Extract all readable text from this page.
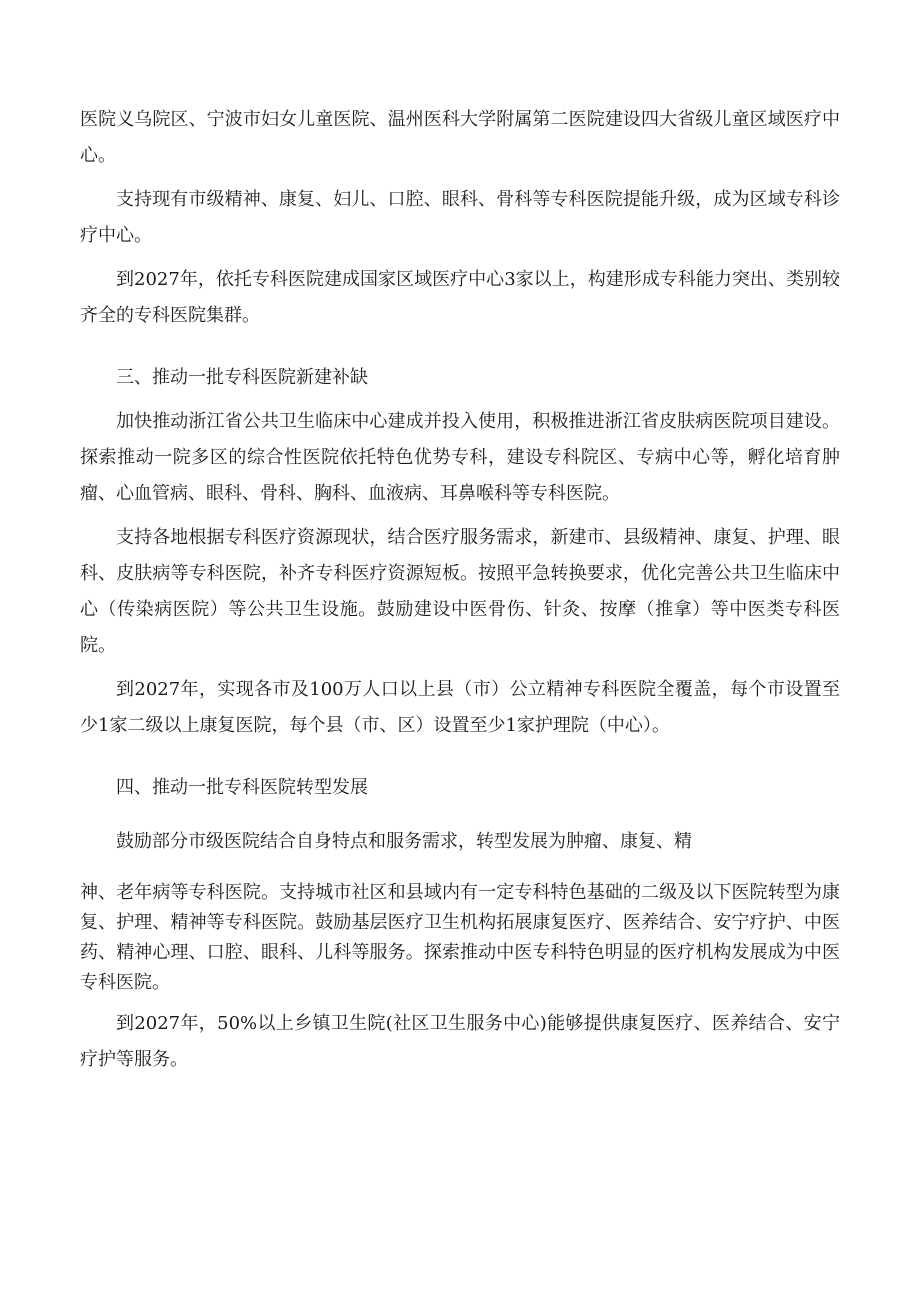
医院义乌院区、宁波市妇女儿童医院、温州医科大学附属第二医院建设四大省级儿童区域医疗中心。

支持现有市级精神、康复、妇儿、口腔、眼科、骨科等专科医院提能升级，成为区域专科诊疗中心。

到2027年，依托专科医院建成国家区域医疗中心3家以上，构建形成专科能力突出、类别较齐全的专科医院集群。

三、推动一批专科医院新建补缺

加快推动浙江省公共卫生临床中心建成并投入使用，积极推进浙江省皮肤病医院项目建设。探索推动一院多区的综合性医院依托特色优势专科，建设专科院区、专病中心等，孵化培育肿瘤、心血管病、眼科、骨科、胸科、血液病、耳鼻喉科等专科医院。

支持各地根据专科医疗资源现状，结合医疗服务需求，新建市、县级精神、康复、护理、眼科、皮肤病等专科医院，补齐专科医疗资源短板。按照平急转换要求，优化完善公共卫生临床中心（传染病医院）等公共卫生设施。鼓励建设中医骨伤、针灸、按摩（推拿）等中医类专科医院。

到2027年，实现各市及100万人口以上县（市）公立精神专科医院全覆盖，每个市设置至少1家二级以上康复医院，每个县（市、区）设置至少1家护理院（中心）。

四、推动一批专科医院转型发展

鼓励部分市级医院结合自身特点和服务需求，转型发展为肿瘤、康复、精

神、老年病等专科医院。支持城市社区和县域内有一定专科特色基础的二级及以下医院转型为康复、护理、精神等专科医院。鼓励基层医疗卫生机构拓展康复医疗、医养结合、安宁疗护、中医药、精神心理、口腔、眼科、儿科等服务。探索推动中医专科特色明显的医疗机构发展成为中医专科医院。

到2027年，50%以上乡镇卫生院(社区卫生服务中心)能够提供康复医疗、医养结合、安宁疗护等服务。
